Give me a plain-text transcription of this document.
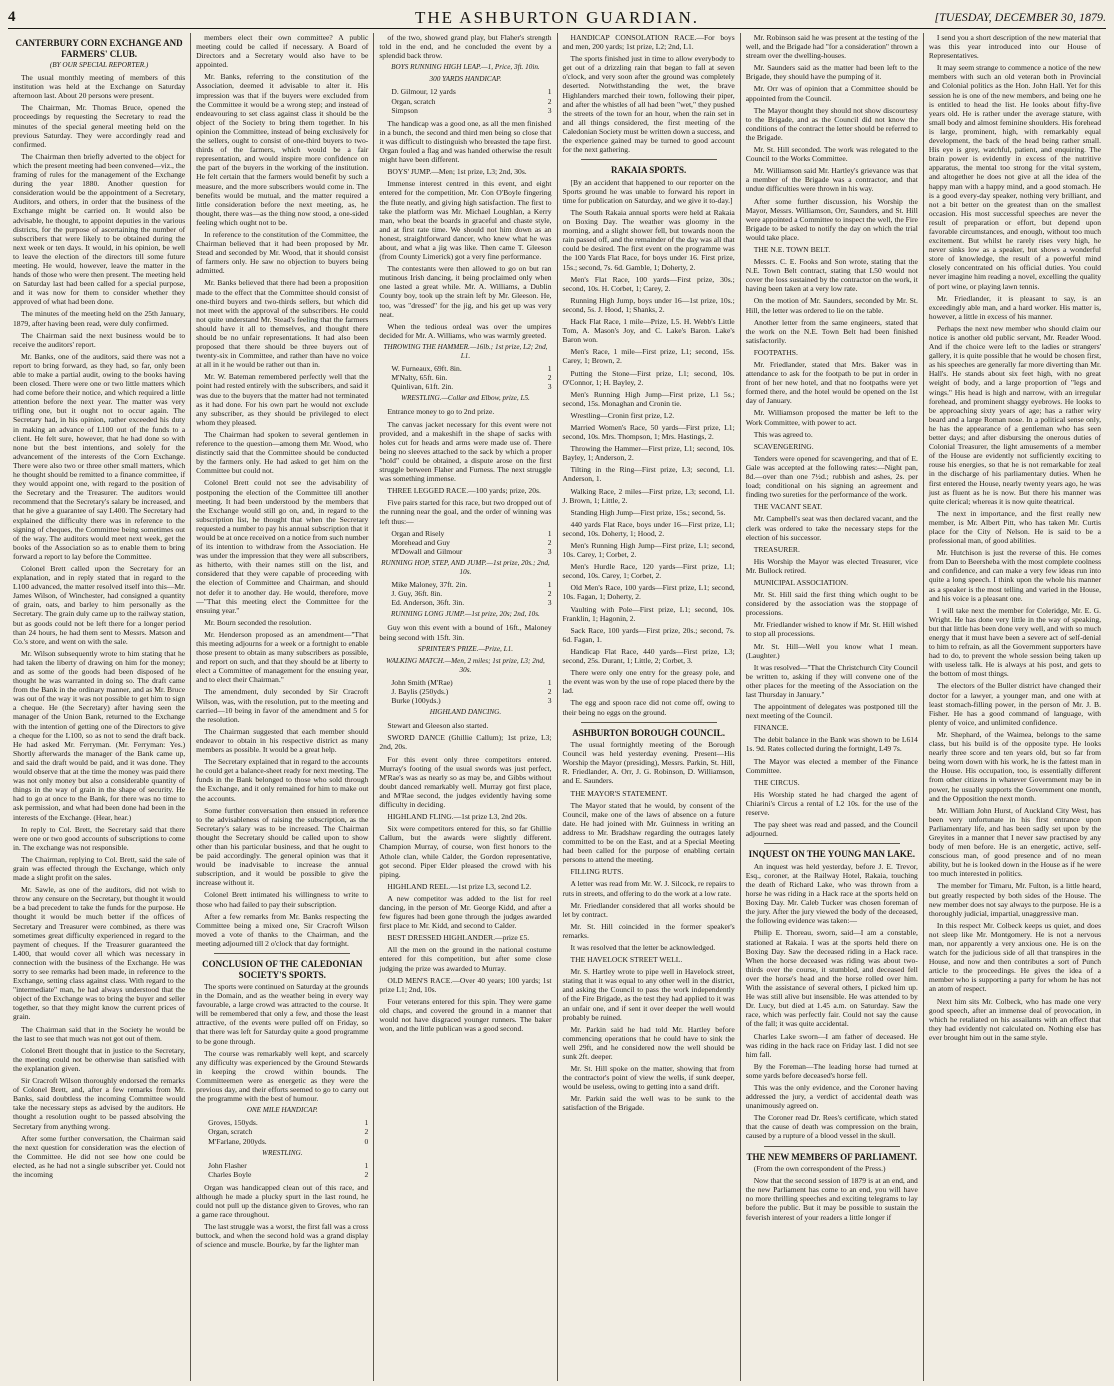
4	THE ASHBURTON GUARDIAN.	[TUESDAY, DECEMBER 30, 1879.
CANTERBURY CORN EXCHANGE AND FARMERS' CLUB.
(BY OUR SPECIAL REPORTER.)

The usual monthly meeting of members of this institution was held at the Exchange on Saturday afternoon last. About 20 persons were present.

The Chairman, Mr. Thomas Bruce, opened the proceedings by requesting the Secretary to read the minutes of the special general meeting held on the previous Saturday. They were accordingly read and confirmed.

The Chairman then briefly adverted to the object for which the present meeting had been convened—viz., the framing of rules for the management of the Exchange during the year 1880. Another question for consideration would be the appointment of a Secretary, Auditors, and others, in order that the business of the Exchange might be carried on. It would also be advisable, he thought, to appoint deputies in the various districts, for the purpose of ascertaining the number of subscribers that were likely to be obtained during the next week or ten days. It would, in his opinion, be well to leave the election of the directors till some future meeting. He would, however, leave the matter in the hands of those who were then present. The meeting held on Saturday last had been called for a special purpose, and it was now for them to consider whether they approved of what had been done.

The minutes of the meeting held on the 25th January, 1879, after having been read, were duly confirmed.

The Chairman said the next business would be to receive the auditors' report.

Mr. Banks, one of the auditors, said there was not a report to bring forward, as they had, so far, only been able to make a partial audit, owing to the books having been closed. There were one or two little matters which had come before their notice, and which required a little attention before the next year. The matter was very trifling one, but it ought not to occur again. The Secretary had, in his opinion, rather exceeded his duty in making an advance of L100 out of the funds to a client. He felt sure, however, that he had done so with none but the best intentions, and solely for the advancement of the interests of the Corn Exchange. There were also two or three other small matters, which he thought should be remitted to a finance committee, if they would appoint one, with regard to the position of the Secretary and the Treasurer. The auditors would recommend that the Secretary's salary be increased, and that he give a guarantee of say L400. The Secretary had explained the difficulty there was in reference to the signing of cheques, the Committee being sometimes out of the way. The auditors would meet next week, get the books of the Association so as to enable them to bring forward a report to lay before the Committee.

Colonel Brett called upon the Secretary for an explanation, and in reply stated that in regard to the L100 advanced, the matter resolved itself into this—Mr. James Wilson, of Winchester, had consigned a quantity of grain, oats, and barley to him personally as the Secretary. The grain duly came up to the railway station, but as goods could not be left there for a longer period than 24 hours, he had them sent to Messrs. Matson and Co.'s store, and went on with the sale.

Mr. Wilson subsequently wrote to him stating that he had taken the liberty of drawing on him for the money; and as some of the goods had been disposed of he thought he was warranted in doing so. The draft came from the Bank in the ordinary manner, and as Mr. Bruce was out of the way it was not possible to get him to sign a cheque. He (the Secretary) after having seen the manager of the Union Bank, returned to the Exchange with the intention of getting one of the Directors to give a cheque for the L100, so as not to send the draft back. He had asked Mr. Ferryman. (Mr. Ferryman: Yes.) Shortly afterwards the manager of the Bank came up, and said the draft would be paid, and it was done. They would observe that at the time the money was paid there was not only money but also a considerable quantity of things in the way of grain in the shape of security. He had to go at once to the Bank, for there was no time to ask permission, and what had been done had been in the interests of the Exchange. (Hear, hear.)

In reply to Col. Brett, the Secretary said that there were one or two good accounts of subscriptions to come in. The exchange was not responsible.

The Chairman, replying to Col. Brett, said the sale of grain was effected through the Exchange, which only made a slight profit on the sales.

Mr. Sawle, as one of the auditors, did not wish to throw any censure on the Secretary, but thought it would be a bad precedent to take the funds for the purpose. He thought it would be much better if the offices of Secretary and Treasurer were combined, as there was sometimes great difficulty experienced in regard to the payment of cheques. If the Treasurer guaranteed the L400, that would cover all which was necessary in connection with the business of the Exchange. He was sorry to see remarks had been made, in reference to the Exchange, setting class against class. With regard to the "intermediate" man, he had always understood that the object of the Exchange was to bring the buyer and seller together, so that they might know the current prices of grain.

The Chairman said that in the Society he would be the last to see that much was not got out of them.

Colonel Brett thought that in justice to the Secretary, the meeting could not be otherwise than satisfied with the explanation given.

Sir Cracroft Wilson thoroughly endorsed the remarks of Colonel Brett, and, after a few remarks from Mr. Banks, said doubtless the incoming Committee would take the necessary steps as advised by the auditors. He thought a resolution ought to be passed absolving the Secretary from anything wrong.

After some further conversation, the Chairman said the next question for consideration was the election of the Committee. He did not see how one could be elected, as he had not a single subscriber yet. Could not the incoming

members elect their own committee? A public meeting could be called if necessary. A Board of Directors and a Secretary would also have to be appointed.

Mr. Banks, referring to the constitution of the Association, deemed it advisable to alter it. His impression was that if the buyers were excluded from the Committee it would be a wrong step; and instead of endeavouring to set class against class it should be the object of the Society to bring them together. In his opinion the Committee, instead of being exclusively for the sellers, ought to consist of one-third buyers to two-thirds of the farmers, which would be a fair representation, and would inspire more confidence on the part of the buyers in the working of the institution. He felt certain that the farmers would benefit by such a measure, and the more subscribers would come in. The benefits would be mutual, and the matter required a little consideration before the next meeting, as, he thought, there was—as the thing now stood, a one-sided feeling which ought not to be.

In reference to the constitution of the Committee, the Chairman believed that it had been proposed by Mr. Stead and seconded by Mr. Wood, that it should consist of farmers only. He saw no objection to buyers being admitted.

Mr. Banks believed that there had been a proposition made to the effect that the Committee should consist of one-third buyers and two-thirds sellers, but which did not meet with the approval of the subscribers. He could not quite understand Mr. Stead's feeling that the farmers should have it all to themselves, and thought there should be no unfair representations. It had also been proposed that there should be three buyers out of twenty-six in Committee, and rather than have no voice at all in it he would be rather out than in.

Mr. W. Bateman remembered perfectly well that the point had rested entirely with the subscribers, and said it was due to the buyers that the matter had not terminated as it had done. For his own part he would not exclude any subscriber, as they should be privileged to elect whom they pleased.

The Chairman had spoken to several gentlemen in reference to the question—among them Mr. Wood, who distinctly said that the Committee should be conducted by the farmers only. He had asked to get him on the Committee but could not.

Colonel Brett could not see the advisability of postponing the election of the Committee till another meeting. It had been understood by the members that the Exchange would still go on, and, in regard to the subscription list, he thought that when the Secretary requested a number to pay his annual subscription that it would be at once received on a notice from such number of its intention to withdraw from the Association. He was under the impression that they were all subscribers, as hitherto, with their names still on the list, and considered that they were capable of proceeding with the election of Committee and Chairman, and should not defer it to another day. He would, therefore, move—"That this meeting elect the Committee for the ensuing year."

Mr. Bourn seconded the resolution.

Mr. Henderson proposed as an amendment—"That this meeting adjourns for a week or a fortnight to enable those present to obtain as many subscribers as possible, and report on such, and that they should be at liberty to elect a Committee of management for the ensuing year, and to elect their Chairman."

The amendment, duly seconded by Sir Cracroft Wilson, was, with the resolution, put to the meeting and carried—10 being in favor of the amendment and 5 for the resolution.

The Chairman suggested that each member should endeavor to obtain in his respective district as many members as possible. It would be a great help.

The Secretary explained that in regard to the accounts he could get a balance-sheet ready for next meeting. The funds in the Bank belonged to those who sold through the Exchange, and it only remained for him to make out the accounts.

Some further conversation then ensued in reference to the advisableness of raising the subscription, as the Secretary's salary was to be increased. The Chairman thought the Secretary should be called upon to show other than his particular business, and that he ought to be paid accordingly. The general opinion was that it would be inadvisable to increase the annual subscription, and it would be possible to give the increase without it.

Colonel Brett intimated his willingness to write to those who had failed to pay their subscription.

After a few remarks from Mr. Banks respecting the Committee being a mixed one, Sir Cracroft Wilson moved a vote of thanks to the Chairman, and the meeting adjourned till 2 o'clock that day fortnight.

CONCLUSION OF THE CALEDONIAN SOCIETY'S SPORTS.

The sports were continued on Saturday at the grounds in the Domain, and as the weather being in every way favourable, a large crowd was attracted to the course. It will be remembered that only a few, and those the least attractive, of the events were pulled off on Friday, so that there was left for Saturday quite a good programme to be gone through.

The course was remarkably well kept, and scarcely any difficulty was experienced by the Ground Stewards in keeping the crowd within bounds. The Committeemen were as energetic as they were the previous day, and their efforts seemed to go to carry out the programme with the best of humour.

ONE MILE HANDICAP.
Groves, 150yds.	1
Organ, scratch	2
M'Farlane, 200yds.	0
WRESTLING.
John Flasher	1
Charles Boyle	2

Organ was handicapped clean out of this race, and although he made a plucky spurt in the last round, he could not pull up the distance given to Groves, who ran a game race throughout.

The last struggle was a worst, the first fall was a cross buttock, and when the second hold was a grand display of science and muscle. Bourke, by far the lighter man

of the two, showed grand play, but Flaher's strength told in the end, and he concluded the event by a splendid back throw.

BOYS RUNNING HIGH LEAP.—1, Price, 3ft. 10in.
300 YARDS HANDICAP.
D. Gilmour, 12 yards	1
Organ, scratch	2
Simpson	3

The handicap was a good one, as all the men finished in a bunch, the second and third men being so close that it was difficult to distinguish who breasted the tape first. Organ fouled a flag and was handed otherwise the result might have been different.

BOYS' JUMP.—Men; 1st prize, L3; 2nd, 30s.

Immense interest centred in this event, and eight entered for the competition, Mr. Con O'Boyle fingering the flute neatly, and giving high satisfaction. The first to take the platform was Mr. Michael Loughlan, a Kerry man, who beat the boards in graceful and chaste style, and at first rate time. We should not him down as an honest, straightforward dancer, who knew what he was about, and what a jig was like. Then came T. Gleeson (from County Limerick) got a very fine performance.

The contestants were then allowed to go on but ran mutinous Irish dancing, it being proclaimed only when one lasted a great while. Mr. A. Williams, a Dublin County boy, took up the strain left by Mr. Gleeson. He, too, was "dressed" for the jig, and his get up was very neat.

When the tedious ordeal was over the umpires decided for Mr. A. Williams, who was warmly greeted.

THROWING THE HAMMER.—16lb.; 1st prize, L2; 2nd, L1.
W. Furneaux, 69ft. 8in.	1
M'Nalty, 65ft. 6in.	2
Quinlivan, 61ft. 2in.	3
WRESTLING.—Collar and Elbow, prize, L5.

Entrance money to go to 2nd prize.

The canvas jacket necessary for this event were not provided, and a makeshift in the shape of sacks with holes cut for heads and arms were made use of. There being no sleeves attached to the sack by which a proper "hold" could be obtained, a dispute arose on the first struggle between Flaher and Furness. The next struggle was something immense.

THREE LEGGED RACE.—100 yards; prize, 20s.

Five pairs started for this race, but two dropped out of the running near the goal, and the order of winning was left thus:—

Organ and Risely	1
Morehead and Guy	2
M'Dowall and Gilmour	3
RUNNING HOP, STEP, AND JUMP.—1st prize, 20s.; 2nd, 10s.
Mike Maloney, 37ft. 2in.	1
J. Guy, 36ft. 8in.	2
Ed. Anderson, 36ft. 3in.	3
RUNNING LONG JUMP.—1st prize, 20s; 2nd, 10s.

Guy won this event with a bound of 16ft., Maloney being second with 15ft. 3in.

SPRINTER'S PRIZE.—Prize, L1.
WALKING MATCH.—Men, 2 miles; 1st prize, L3; 2nd, 30s.
John Smith (M'Rae)	1
J. Baylis (250yds.)	2
Burke (100yds.)	3
HIGHLAND DANCING.

Stewart and Gleeson also started.

SWORD DANCE (Ghillie Callum); 1st prize, L3; 2nd, 20s.

For this event only three competitors entered. Murray's footing of the usual swords was just perfect, M'Rae's was as nearly so as may be, and Gibbs without doubt danced remarkably well. Murray got first place, and M'Rae second, the judges evidently having some difficulty in deciding.

HIGHLAND FLING.—1st prize L3, 2nd 20s.

Six were competitors entered for this, so far Ghillie Callum, but the awards were slightly different. Champion Murray, of course, won first honors to the Athole clan, while Calder, the Gordon representative, got second. Piper Elder pleased the crowd with his piping.

HIGHLAND REEL.—1st prize L3, second L2.

A new competitor was added to the list for reel dancing, in the person of Mr. George Kidd, and after a few figures had been gone through the judges awarded first place to Mr. Kidd, and second to Calder.

BEST DRESSED HIGHLANDER.—prize £5.

All the men on the ground in the national costume entered for this competition, but after some close judging the prize was awarded to Murray.

OLD MEN'S RACE.—Over 40 years; 100 yards; 1st prize L1; 2nd, 10s.

Four veterans entered for this spin. They were game old chaps, and covered the ground in a manner that would not have disgraced younger runners. The baker won, and the little publican was a good second.

HANDICAP CONSOLATION RACE.—For boys and men, 200 yards; 1st prize, L2; 2nd, L1.

The sports finished just in time to allow everybody to get out of a drizzling rain that began to fall at seven o'clock, and very soon after the ground was completely deserted. Notwithstanding the wet, the brave Highlanders marched their town, following their piper, and after the whistles of all had been "wet," they pushed the streets of the town for an hour, when the rain set in and all things considered, the first meeting of the Caledonian Society must be written down a success, and the experience gained may be turned to good account for the next gathering.

RAKAIA SPORTS.

[By an accident that happened to our reporter on the Sports ground he was unable to forward his report in time for publication on Saturday, and we give it to-day.]

The South Rakaia annual sports were held at Rakaia on Boxing Day. The weather was gloomy in the morning, and a slight shower fell, but towards noon the rain passed off, and the remainder of the day was all that could be desired. The first event on the programme was the 100 Yards Flat Race, for boys under 16. First prize, 15s.; second, 7s. 6d. Gamble, 1; Doherty, 2.

Men's Flat Race, 100 yards—First prize, 30s.; second, 10s. H. Corbet, 1; Carey, 2.

Running High Jump, boys under 16—1st prize, 10s.; second, 5s. J. Hood, 1; Shanks, 2.

Hack Flat Race, 1 mile—Prize, L5. H. Webb's Little Tom, A. Mason's Joy, and C. Lake's Baron. Lake's Baron won.

Men's Race, 1 mile—First prize, L1; second, 15s. Carey, 1; Brown, 2.

Putting the Stone—First prize, L1; second, 10s. O'Connor, 1; H. Bayley, 2.

Men's Running High Jump—First prize, L1 5s.; second, 15s. Monaghan and Cronin tie.

Wrestling—Cronin first prize, L2.

Married Women's Race, 50 yards—First prize, L1; second, 10s. Mrs. Thompson, 1; Mrs. Hastings, 2.

Throwing the Hammer—First prize, L1; second, 10s. Bayley, 1; Anderson, 2.

Tilting in the Ring—First prize, L3; second, L1. Anderson, 1.

Walking Race, 2 miles—First prize, L3; second, L1. J. Brown, 1; Little, 2.

Standing High Jump—First prize, 15s.; second, 5s.

440 yards Flat Race, boys under 16—First prize, L1; second, 10s. Doherty, 1; Hood, 2.

Men's Running High Jump—First prize, L1; second, 10s. Carey, 1; Corbet, 2.

Men's Hurdle Race, 120 yards—First prize, L1; second, 10s. Carey, 1; Corbet, 2.

Old Men's Race, 100 yards—First prize, L1; second, 10s. Fagan, 1; Doherty, 2.

Vaulting with Pole—First prize, L1; second, 10s. Franklin, 1; Hagonin, 2.

Sack Race, 100 yards—First prize, 20s.; second, 7s. 6d. Fagan, 1.

Handicap Flat Race, 440 yards—First prize, L3; second, 25s. Durant, 1; Little, 2; Corbet, 3.

There were only one entry for the greasy pole, and the event was won by the use of rope placed there by the lad.

The egg and spoon race did not come off, owing to their being no eggs on the ground.

ASHBURTON BOROUGH COUNCIL.

The usual fortnightly meeting of the Borough Council was held yesterday evening. Present—His Worship the Mayor (presiding), Messrs. Parkin, St. Hill, R. Friedlander, A. Orr, J. G. Robinson, D. Williamson, and E. Saunders.

THE MAYOR'S STATEMENT.

The Mayor stated that he would, by consent of the Council, make one of the laws of absence on a future date. He had joined with Mr. Guinness in writing an address to Mr. Bradshaw regarding the outrages lately committed to be on the East, and at a Special Meeting had been called for the purpose of enabling certain persons to attend the meeting.

FILLING RUTS.

A letter was read from Mr. W. J. Silcock, re repairs to ruts in streets, and offering to do the work at a low rate.

Mr. Friedlander considered that all works should be let by contract.

Mr. St. Hill coincided in the former speaker's remarks.

It was resolved that the letter be acknowledged.

THE HAVELOCK STREET WELL.

Mr. S. Hartley wrote to pipe well in Havelock street, stating that it was equal to any other well in the district, and asking the Council to pass the work independently of the Fire Brigade, as the test they had applied to it was an unfair one, and if sent it over deeper the well would probably be ruined.

Mr. Parkin said he had told Mr. Hartley before commencing operations that he could have to sink the well 29ft, and he considered now the well should be sunk 2ft. deeper.

Mr. St. Hill spoke on the matter, showing that from the contractor's point of view the wells, if sunk deeper, would be useless, owing to getting into a sand drift.

Mr. Parkin said the well was to be sunk to the satisfaction of the Brigade.

Mr. Robinson said he was present at the testing of the well, and the Brigade had "for a consideration" thrown a stream over the dwelling-houses.

Mr. Saunders said as the matter had been left to the Brigade, they should have the pumping of it.

Mr. Orr was of opinion that a Committee should be appointed from the Council.

The Mayor thought they should not show discourtesy to the Brigade, and as the Council did not know the conditions of the contract the letter should be referred to the Brigade.

Mr. St. Hill seconded. The work was relegated to the Council to the Works Committee.

Mr. Williamson said Mr. Hartley's grievance was that a member of the Brigade was a contractor, and that undue difficulties were thrown in his way.

After some further discussion, his Worship the Mayor, Messrs. Williamson, Orr, Saunders, and St. Hill were appointed a Committee to inspect the well, the Fire Brigade to be asked to notify the day on which the trial would take place.

THE N.E. TOWN BELT.

Messrs. C. E. Fooks and Son wrote, stating that the N.E. Town Belt contract, stating that L50 would not cover the loss sustained by the contractor on the work, it having been taken at a very low rate.

On the motion of Mr. Saunders, seconded by Mr. St. Hill, the letter was ordered to lie on the table.

Another letter from the same engineers, stated that the work on the N.E. Town Belt had been finished satisfactorily.

FOOTPATHS.

Mr. Friedlander, stated that Mrs. Baker was in attendance to ask for the footpath to be put in order in front of her new hotel, and that no footpaths were yet formed there, and the hotel would be opened on the 1st day of January.

Mr. Williamson proposed the matter be left to the Work Committee, with power to act.

This was agreed to.

SCAVENGERING.

Tenders were opened for scavengering, and that of E. Gale was accepted at the following rates:—Night pan, 8d.—over than one 7½d.; rubbish and ashes, 2s. per load; conditional on his signing an agreement and finding two sureties for the performance of the work.

THE VACANT SEAT.

Mr. Campbell's seat was then declared vacant, and the clerk was ordered to take the necessary steps for the election of his successor.

TREASURER.

His Worship the Mayor was elected Treasurer, vice Mr. Bullock retired.

MUNICIPAL ASSOCIATION.

Mr. St. Hill said the first thing which ought to be considered by the association was the stoppage of processions.

Mr. Friedlander wished to know if Mr. St. Hill wished to stop all processions.

Mr. St. Hill—Well you know what I mean. (Laughter.)

It was resolved—"That the Christchurch City Council be written to, asking if they will convene one of the other places for the meeting of the Association on the last Thursday in January."

The appointment of delegates was postponed till the next meeting of the Council.

FINANCE.

The debit balance in the Bank was shown to be L614 1s. 9d. Rates collected during the fortnight, L49 7s.

The Mayor was elected a member of the Finance Committee.

THE CIRCUS.

His Worship stated he had charged the agent of Chiarini's Circus a rental of L2 10s. for the use of the reserve.

The pay sheet was read and passed, and the Council adjourned.

INQUEST ON THE YOUNG MAN LAKE.

An inquest was held yesterday, before J. E. Trevor, Esq., coroner, at the Railway Hotel, Rakaia, touching the death of Richard Lake, who was thrown from a horse he was riding in a Hack race at the sports held on Boxing Day. Mr. Caleb Tucker was chosen foreman of the jury. After the jury viewed the body of the deceased, the following evidence was taken:—

Philip E. Thoreau, sworn, said—I am a constable, stationed at Rakaia. I was at the sports held there on Boxing Day. Saw the deceased riding in a Hack race. When the horse deceased was riding was about two-thirds over the course, it stumbled, and deceased fell over the horse's head and the horse rolled over him. With the assistance of several others, I picked him up. He was still alive but insensible. He was attended to by Dr. Lucy, but died at 1.45 a.m. on Saturday. Saw the race, which was perfectly fair. Could not say the cause of the fall; it was quite accidental.

Charles Lake sworn—I am father of deceased. He was riding in the hack race on Friday last. I did not see him fall.

By the Foreman—The leading horse had turned at some yards before deceased's horse fell.

This was the only evidence, and the Coroner having addressed the jury, a verdict of accidental death was unanimously agreed on.

The Coroner read Dr. Rees's certificate, which stated that the cause of death was compression on the brain, caused by a rupture of a blood vessel in the skull.

THE NEW MEMBERS OF PARLIAMENT.

(From the own correspondent of the Press.)

Now that the second session of 1879 is at an end, and the new Parliament has come to an end, you will have no more thrilling speeches and exciting telegrams to lay before the public. But it may be possible to sustain the feverish interest of your readers a little longer if

I send you a short description of the new material that was this year introduced into our House of Representatives.

It may seem strange to commence a notice of the new members with such an old veteran both in Provincial and Colonial politics as the Hon. John Hall. Yet for this session he is one of the new members, and being one he is entitled to head the list. He looks about fifty-five years old. He is rather under the average stature, with small body and almost feminine shoulders. His forehead is large, prominent, high, with remarkably equal development, the back of the head being rather small. His eye is grey, watchful, patient, and enquiring. The brain power is evidently in excess of the nutritive apparatus, the mental too strong for the vital system, and altogether he does not give at all the idea of the happy man with a happy mind, and a good stomach. He is a good every-day speaker, nothing very brilliant, and not a bit better on the greatest than on the smallest occasion. His most successful speeches are never the result of preparation or effort, but depend upon favorable circumstances, and enough, without too much excitement. But whilst he rarely rises very high, he never sinks low as a speaker, but shows a wonderful store of knowledge, the result of a powerful mind closely concentrated on his official duties. You could never imagine him reading a novel, excelling the quality of port wine, or playing lawn tennis.

Mr. Friedlander, it is pleasant to say, is an exceedingly able man, and a hard worker. His matter is, however, a little in excess of his manner.

Perhaps the next new member who should claim our notice is another old public servant, Mr. Reader Wood. And if the choice were left to the ladies or strangers' gallery, it is quite possible that he would be chosen first, as his speeches are generally far more diverting than Mr. Hall's. He stands about six feet high, with no great weight of body, and a large proportion of "legs and wings." His head is high and narrow, with an irregular forehead, and prominent shaggy eyebrows. He looks to be approaching sixty years of age; has a rather wiry beard and a large Roman nose. In a political sense only, he has the appearance of a gentleman who has seen better days; and after disbursing the onerous duties of Colonial Treasurer, the light amusements of a member of the House are evidently not sufficiently exciting to rouse his energies, so that he is not remarkable for zeal in the discharge of his parliamentary duties. When he first entered the House, nearly twenty years ago, he was just as fluent as he is now. But there his manner was quite clerical; whereas it is now quite theatrical.

The next in importance, and the first really new member, is Mr. Albert Pitt, who has taken Mr. Curtis place for the City of Nelson. He is said to be a professional man, of good abilities.

Mr. Hutchison is just the reverse of this. He comes from Dan to Beersheba with the most complete coolness and confidence, and can make a very few ideas run into quite a long speech. I think upon the whole his manner as a speaker is the most telling and varied in the House, and his voice is a pleasant one.

I will take next the member for Coleridge, Mr. E. G. Wright. He has done very little in the way of speaking, but that little has been done very well, and with so much energy that it must have been a severe act of self-denial to him to refrain, as all the Government supporters have had to do, to prevent the whole session being taken up with useless talk. He is always at his post, and gets to the bottom of most things.

The electors of the Buller district have changed their doctor for a lawyer, a younger man, and one with at least stomach-filling power, in the person of Mr. J. B. Fisher. He has a good command of language, with plenty of voice, and unlimited confidence.

Mr. Shephard, of the Waimea, belongs to the same class, but his build is of the opposite type. He looks nearly three score and ten years old, but so far from being worn down with his work, he is the fattest man in the House. His occupation, too, is essentially different from other citizens in whatever Government may be in power, he usually supports the Government one month, and the Opposition the next month.

Mr. William John Hurst, of Auckland City West, has been very unfortunate in his first entrance upon Parliamentary life, and has been sadly set upon by the Greyites in a manner that I never saw practised by any body of men before. He is an energetic, active, self-conscious man, of good presence and of no mean ability, but he is looked down in the House as if he were too much interested in politics.

The member for Timaru, Mr. Fulton, is a little heard, but greatly respected by both sides of the House. The new member does not say always to the purpose. He is a thoroughly judicial, impartial, unaggressive man.

In this respect Mr. Colbeck keeps us quiet, and does not sleep like Mr. Montgomery. He is not a nervous man, nor apparently a very anxious one. He is on the watch for the judicious side of all that transpires in the House, and now and then contributes a sort of Punch article to the proceedings. He gives the idea of a member who is supporting a party for whom he has not an atom of respect.

Next him sits Mr. Colbeck, who has made one very good speech, after an immense deal of provocation, in which he retaliated on his assailants with an effect that they had evidently not calculated on. Nothing else has ever brought him out in the same style.
